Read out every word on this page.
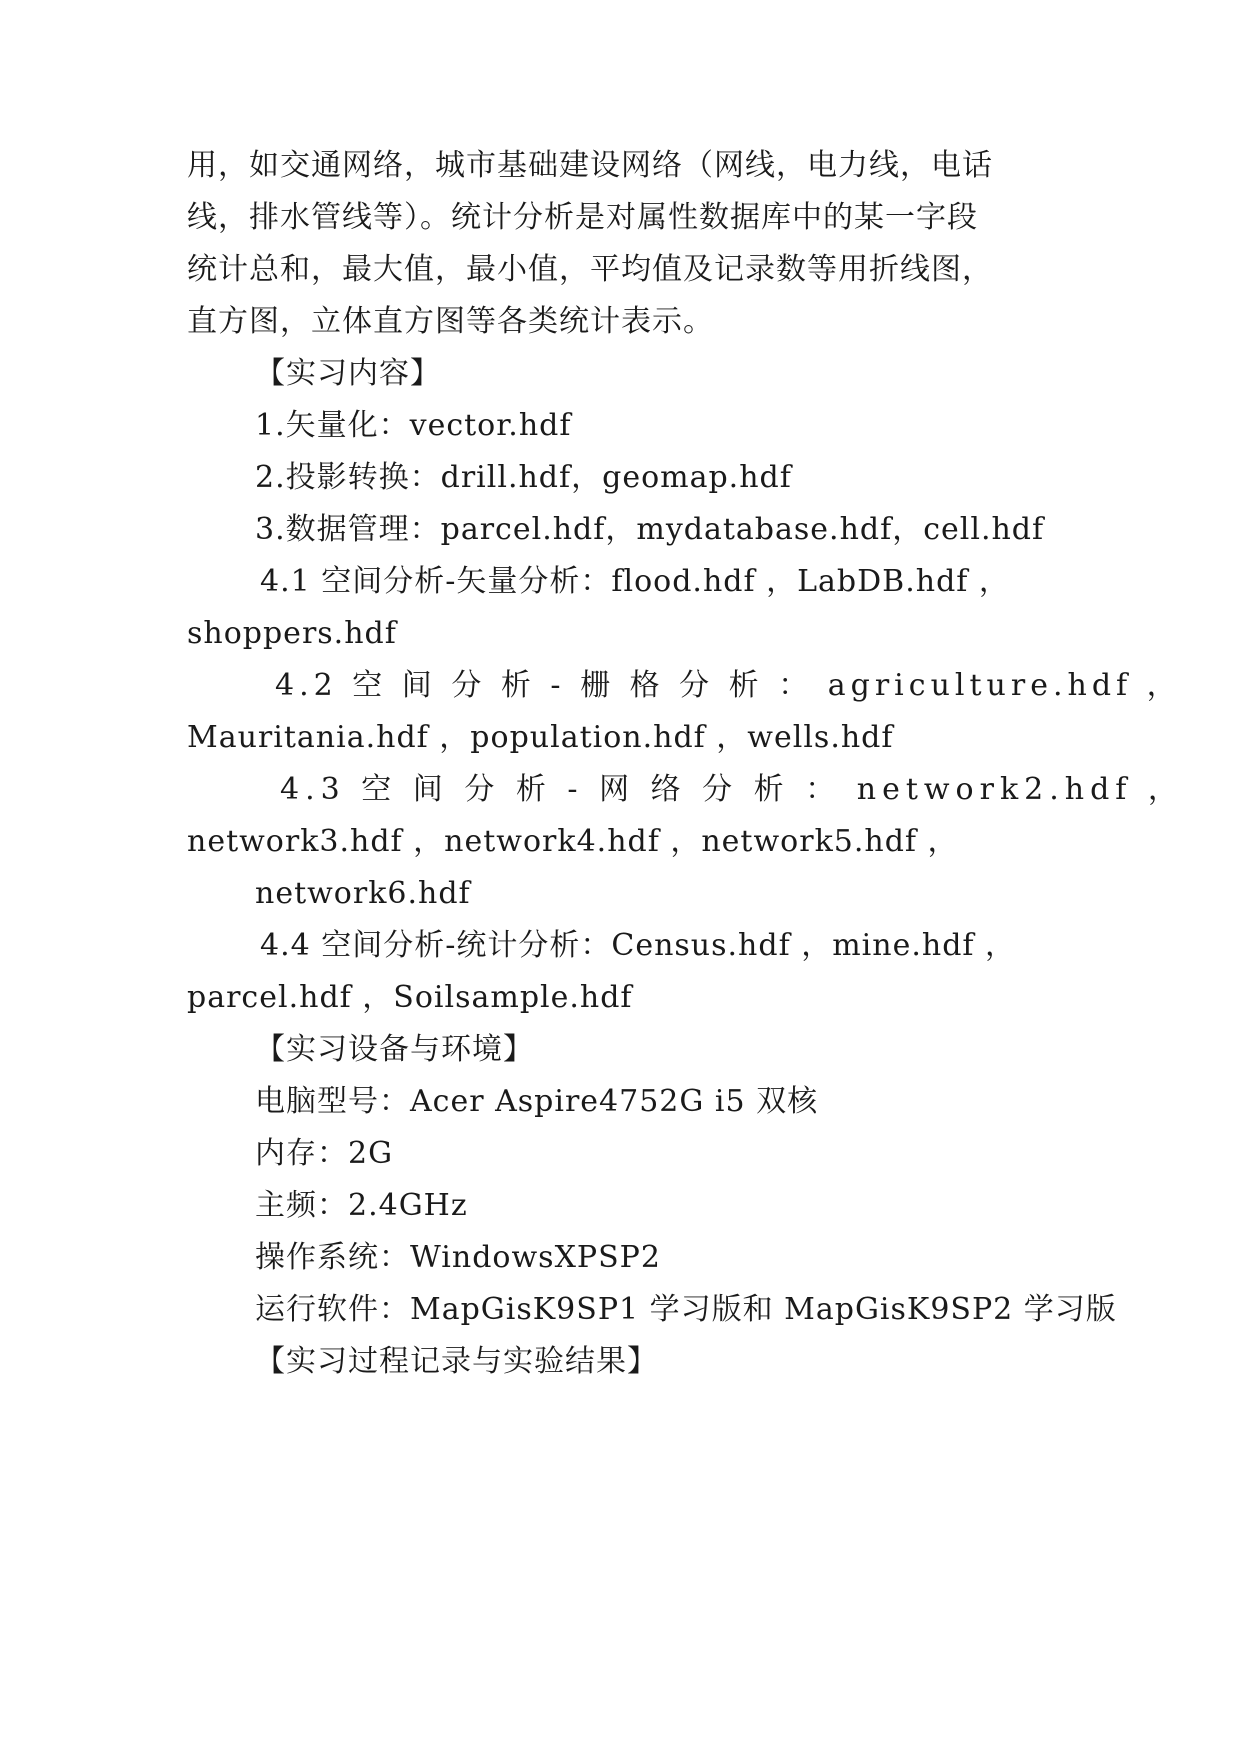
用，如交通网络，城市基础建设网络（网线，电力线，电话
线，排水管线等）。统计分析是对属性数据库中的某一字段
统计总和，最大值，最小值，平均值及记录数等用折线图，
直方图，立体直方图等各类统计表示。
【实习内容】
1.矢量化：vector.hdf
2.投影转换：drill.hdf，geomap.hdf
3.数据管理：parcel.hdf，mydatabase.hdf，cell.hdf
4.1 空间分析-矢量分析：flood.hdf ，LabDB.hdf ，
shoppers.hdf
4.2 空 间 分 析 - 栅 格 分 析 ： agriculture.hdf ，
Mauritania.hdf ，population.hdf ，wells.hdf
4.3 空 间 分 析 - 网 络 分 析 ： network2.hdf ，
network3.hdf ，network4.hdf ，network5.hdf ，
network6.hdf
4.4 空间分析-统计分析：Census.hdf ，mine.hdf ，
parcel.hdf ，Soilsample.hdf
【实习设备与环境】
电脑型号：Acer Aspire4752G i5 双核
内存：2G
主频：2.4GHz
操作系统：WindowsXPSP2
运行软件：MapGisK9SP1 学习版和 MapGisK9SP2 学习版
【实习过程记录与实验结果】
